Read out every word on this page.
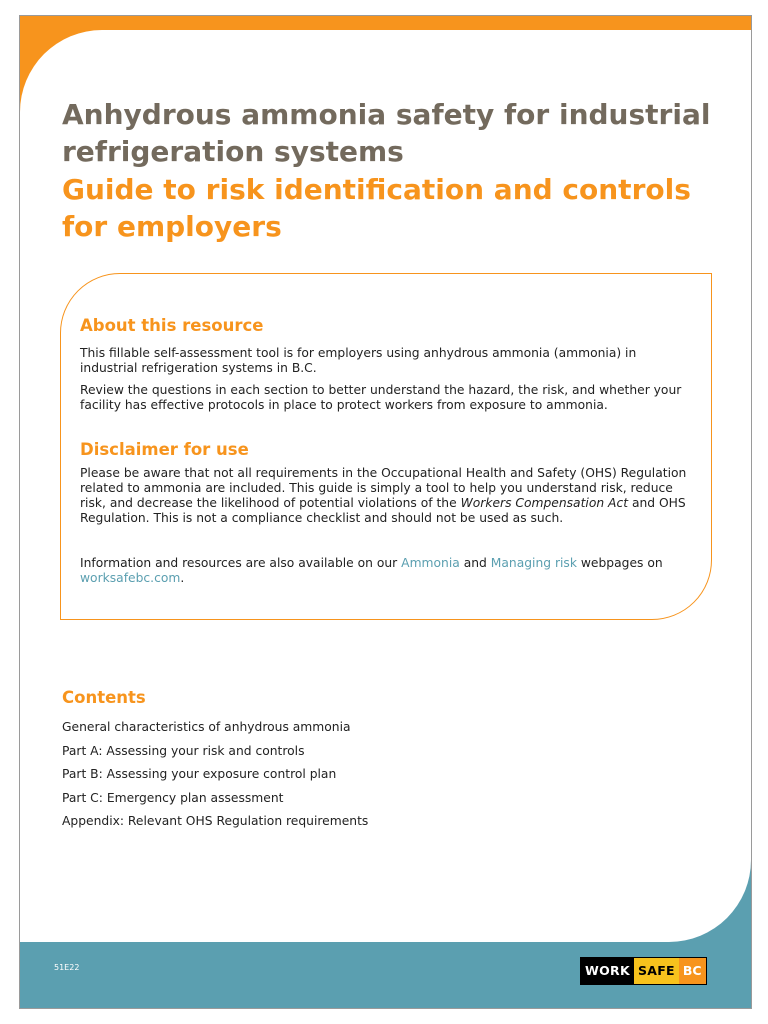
Anhydrous ammonia safety for industrial refrigeration systems
Guide to risk identification and controls for employers
About this resource

This fillable self-assessment tool is for employers using anhydrous ammonia (ammonia) in industrial refrigeration systems in B.C.

Review the questions in each section to better understand the hazard, the risk, and whether your facility has effective protocols in place to protect workers from exposure to ammonia.

Disclaimer for use

Please be aware that not all requirements in the Occupational Health and Safety (OHS) Regulation related to ammonia are included. This guide is simply a tool to help you understand risk, reduce risk, and decrease the likelihood of potential violations of the Workers Compensation Act and OHS Regulation. This is not a compliance checklist and should not be used as such.

Information and resources are also available on our Ammonia and Managing risk webpages on worksafebc.com.

Contents
General characteristics of anhydrous ammonia
Part A: Assessing your risk and controls
Part B: Assessing your exposure control plan
Part C: Emergency plan assessment
Appendix: Relevant OHS Regulation requirements
51E22	WORK SAFE BC
